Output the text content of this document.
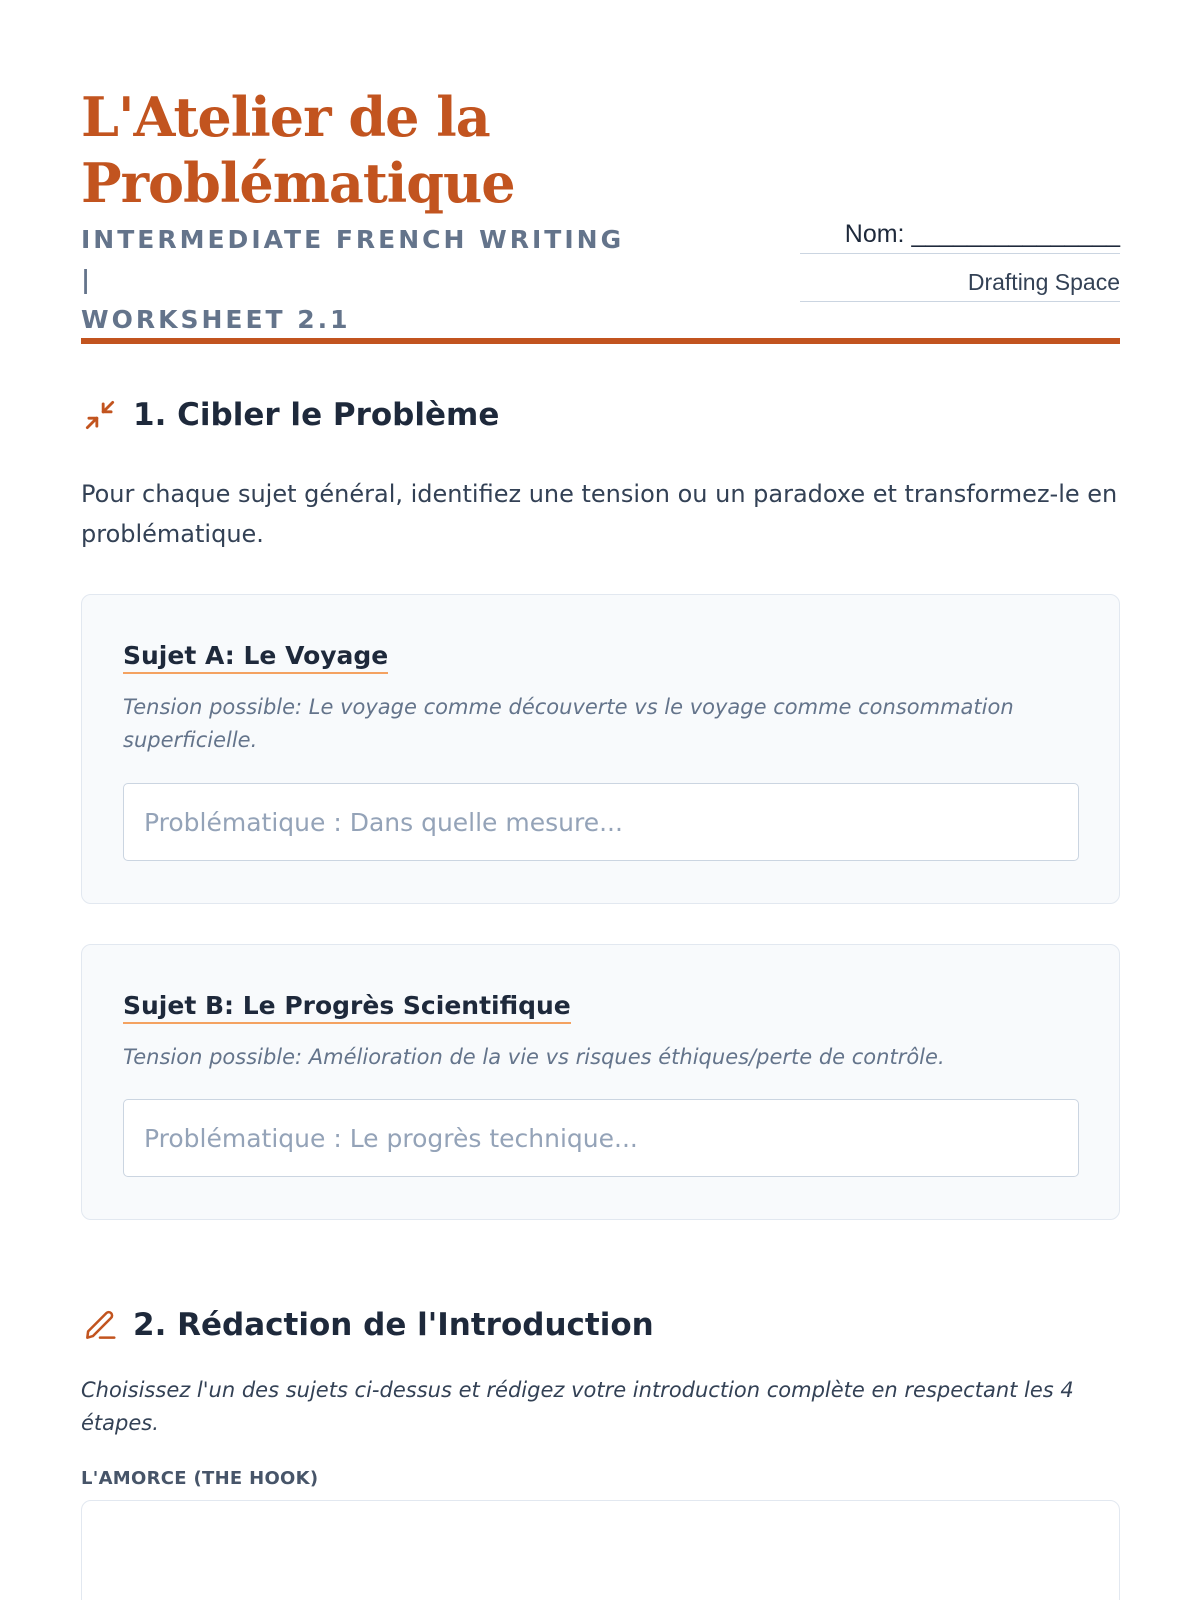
L'Atelier de la
Problématique
INTERMEDIATE FRENCH WRITING |
WORKSHEET 2.1
Nom: _______________
Drafting Space
1. Cibler le Problème
Pour chaque sujet général, identifiez une tension ou un paradoxe et transformez-le en problématique.
Sujet A: Le Voyage
Tension possible: Le voyage comme découverte vs le voyage comme consommation superficielle.
Problématique : Dans quelle mesure...
Sujet B: Le Progrès Scientifique
Tension possible: Amélioration de la vie vs risques éthiques/perte de contrôle.
Problématique : Le progrès technique...
2. Rédaction de l'Introduction
Choisissez l'un des sujets ci-dessus et rédigez votre introduction complète en respectant les 4 étapes.
L'AMORCE (THE HOOK)
